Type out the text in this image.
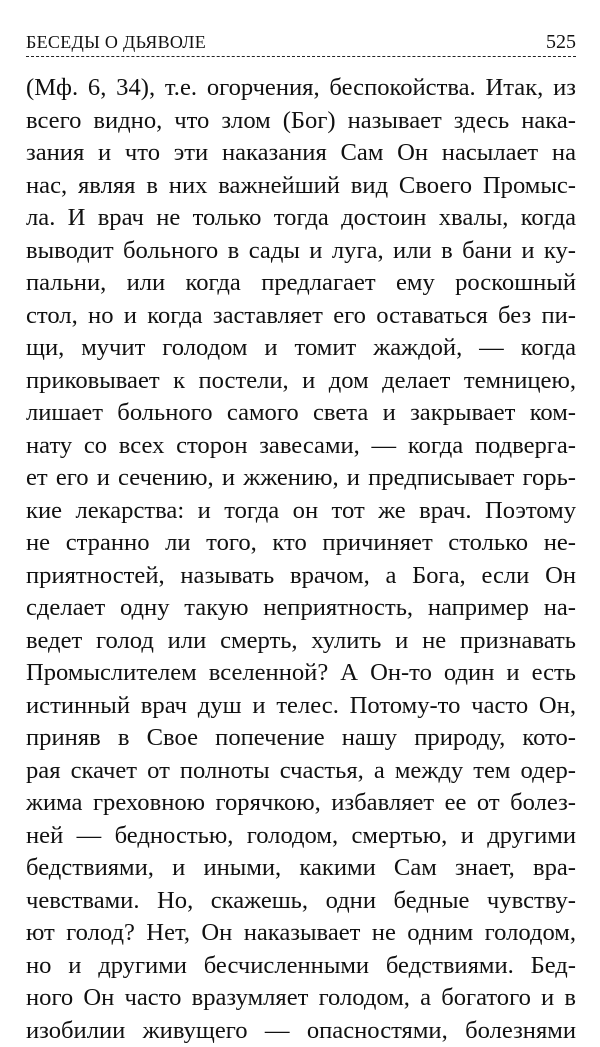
БЕСЕДЫ О ДЬЯВОЛЕ	525
(Мф. 6, 34), т.е. огорчения, беспокойства. Итак, из
всего видно, что злом (Бог) называет здесь нака-
зания и что эти наказания Сам Он насылает на
нас, являя в них важнейший вид Своего Промыс-
ла. И врач не только тогда достоин хвалы, когда
выводит больного в сады и луга, или в бани и ку-
пальни, или когда предлагает ему роскошный
стол, но и когда заставляет его оставаться без пи-
щи, мучит голодом и томит жаждой, — когда
приковывает к постели, и дом делает темницею,
лишает больного самого света и закрывает ком-
нату со всех сторон завесами, — когда подверга-
ет его и сечению, и жжению, и предписывает горь-
кие лекарства: и тогда он тот же врач. Поэтому
не странно ли того, кто причиняет столько не-
приятностей, называть врачом, а Бога, если Он
сделает одну такую неприятность, например на-
ведет голод или смерть, хулить и не признавать
Промыслителем вселенной? А Он-то один и есть
истинный врач душ и телес. Потому-то часто Он,
приняв в Свое попечение нашу природу, кото-
рая скачет от полноты счастья, а между тем одер-
жима греховною горячкою, избавляет ее от болез-
ней — бедностью, голодом, смертью, и другими
бедствиями, и иными, какими Сам знает, вра-
чевствами. Но, скажешь, одни бедные чувству-
ют голод? Нет, Он наказывает не одним голодом,
но и другими бесчисленными бедствиями. Бед-
ного Он часто вразумляет голодом, а богатого и в
изобилии живущего — опасностями, болезнями
